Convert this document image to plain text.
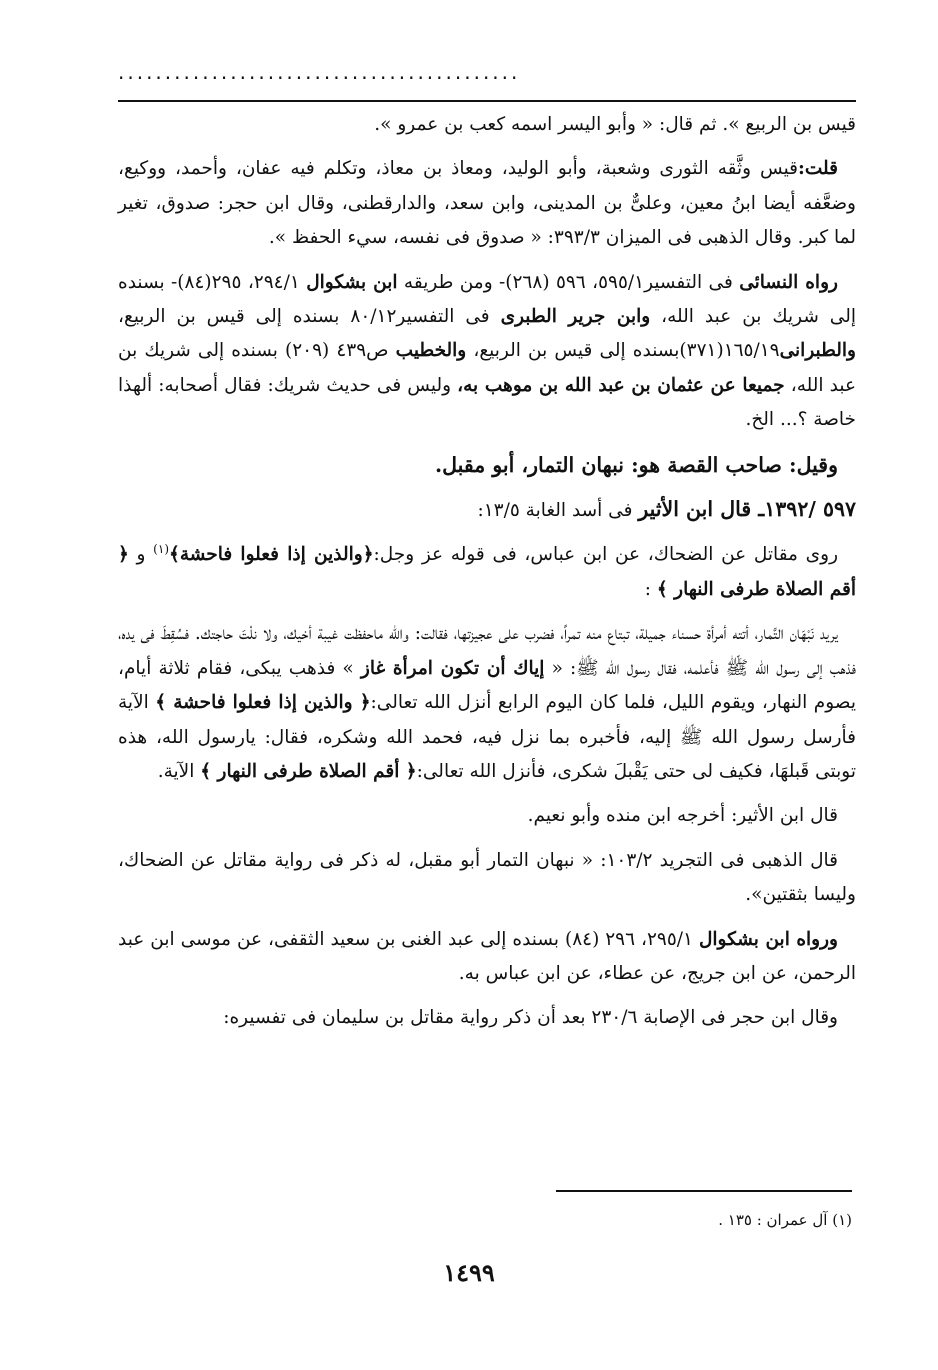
...........................................

قيس بن الربيع ». ثم قال: « وأبو اليسر اسمه كعب بن عمرو ».

قلت:قيس وثَّقه الثورى وشعبة، وأبو الوليد، ومعاذ بن معاذ، وتكلم فيه عفان، وأحمد، ووكيع، وضعَّفه أيضا ابنُ معين، وعلىٌّ بن المدينى، وابن سعد، والدارقطنى، وقال ابن حجر: صدوق، تغير لما كبر. وقال الذهبى فى الميزان ٣٩٣/٣: « صدوق فى نفسه، سيء الحفظ ».

رواه النسائى فى التفسير٥٩٥/١، ٥٩٦ (٢٦٨)- ومن طريقه ابن بشكوال ٢٩٤/١، ٢٩٥(٨٤)- بسنده إلى شريك بن عبد الله، وابن جرير الطبرى فى التفسير٨٠/١٢ بسنده إلى قيس بن الربيع، والطبرانى١٦٥/١٩(٣٧١)بسنده إلى قيس بن الربيع، والخطيب ص٤٣٩ (٢٠٩) بسنده إلى شريك بن عبد الله، جميعا عن عثمان بن عبد الله بن موهب به، وليس فى حديث شريك: فقال أصحابه: ألهذا خاصة ؟... الخ.

وقيل: صاحب القصة هو: نبهان التمار، أبو مقبل.

٥٩٧ /١٣٩٢ـ قال ابن الأثير فى أسد الغابة ١٣/٥:

روى مقاتل عن الضحاك، عن ابن عباس، فى قوله عز وجل:﴿والذين إذا فعلوا فاحشة﴾$^{(١)}$ و ﴿ أقم الصلاة طرفى النهار ﴾ :

يريد نَبْهَان التَّمار، أتته أمرأة حسناء جميلة، تبتاع منه تمراً، فضرب على عجيزتها، فقالت: والله ماحفظت غيبة أخيك، ولا نلْتَ حاجتك. فسُقِطَ فى يده، فذهب إلى رسول الله ﷺ فأعلمه، فقال رسول الله ﷺ: « إياك أن تكون امرأة غاز » فذهب يبكى، فقام ثلاثة أيام، يصوم النهار، ويقوم الليل، فلما كان اليوم الرابع أنزل الله تعالى:﴿ والذين إذا فعلوا فاحشة ﴾ الآية فأرسل رسول الله ﷺ إليه، فأخبره بما نزل فيه، فحمد الله وشكره، فقال: يارسول الله، هذه توبتى قَبلهَا، فكيف لى حتى يَقْبلَ شكرى، فأنزل الله تعالى:﴿ أقم الصلاة طرفى النهار ﴾ الآية.

قال ابن الأثير: أخرجه ابن منده وأبو نعيم.

قال الذهبى فى التجريد ١٠٣/٢: « نبهان التمار أبو مقبل، له ذكر فى رواية مقاتل عن الضحاك، وليسا بثقتين».

ورواه ابن بشكوال ٢٩٥/١، ٢٩٦ (٨٤) بسنده إلى عبد الغنى بن سعيد الثقفى، عن موسى ابن عبد الرحمن، عن ابن جريج، عن عطاء، عن ابن عباس به.

وقال ابن حجر فى الإصابة ٢٣٠/٦ بعد أن ذكر رواية مقاتل بن سليمان فى تفسيره:

(١) آل عمران : ١٣٥ .
١٤٩٩
